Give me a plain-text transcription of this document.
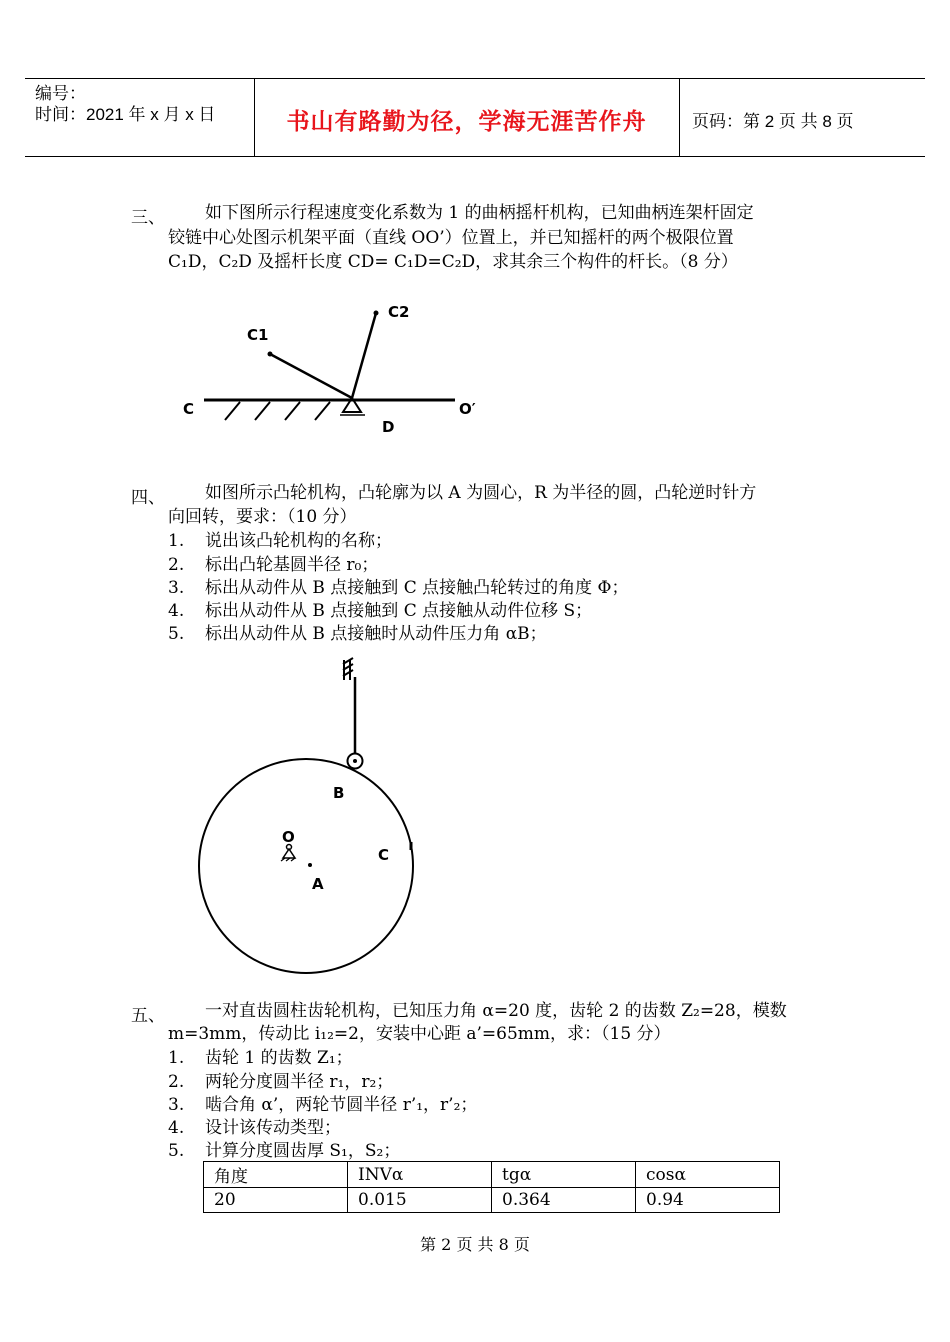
编号：
时间：2021 年 x 月 x 日	书山有路勤为径，学海无涯苦作舟	页码：第 2 页 共 8 页
三、 如下图所示行程速度变化系数为 1 的曲柄摇杆机构，已知曲柄连架杆固定
铰链中心处图示机架平面（直线 OO’）位置上，并已知摇杆的两个极限位置
C₁D，C₂D 及摇杆长度 CD= C₁D=C₂D，求其余三个构件的杆长。（8 分）
C1
C2
C	O′
D
四、 如图所示凸轮机构，凸轮廓为以 A 为圆心，R 为半径的圆，凸轮逆时针方
向回转，要求：（10 分）
1. 说出该凸轮机构的名称；
2. 标出凸轮基圆半径 r₀；
3. 标出从动件从 B 点接触到 C 点接触凸轮转过的角度 Φ；
4. 标出从动件从 B 点接触到 C 点接触从动件位移 S；
5. 标出从动件从 B 点接触时从动件压力角 αB；
B
O
A
C
五、 一对直齿圆柱齿轮机构，已知压力角 α=20 度，齿轮 2 的齿数 Z₂=28，模数
m=3mm，传动比 i₁₂=2，安装中心距 a’=65mm，求：（15 分）
1. 齿轮 1 的齿数 Z₁；
2. 两轮分度圆半径 r₁，r₂；
3. 啮合角 α’，两轮节圆半径 r’₁，r’₂；
4. 设计该传动类型；
5. 计算分度圆齿厚 S₁，S₂；
角度	INVα	tgα	cosα
20	0.015	0.364	0.94
第 2 页 共 8 页
